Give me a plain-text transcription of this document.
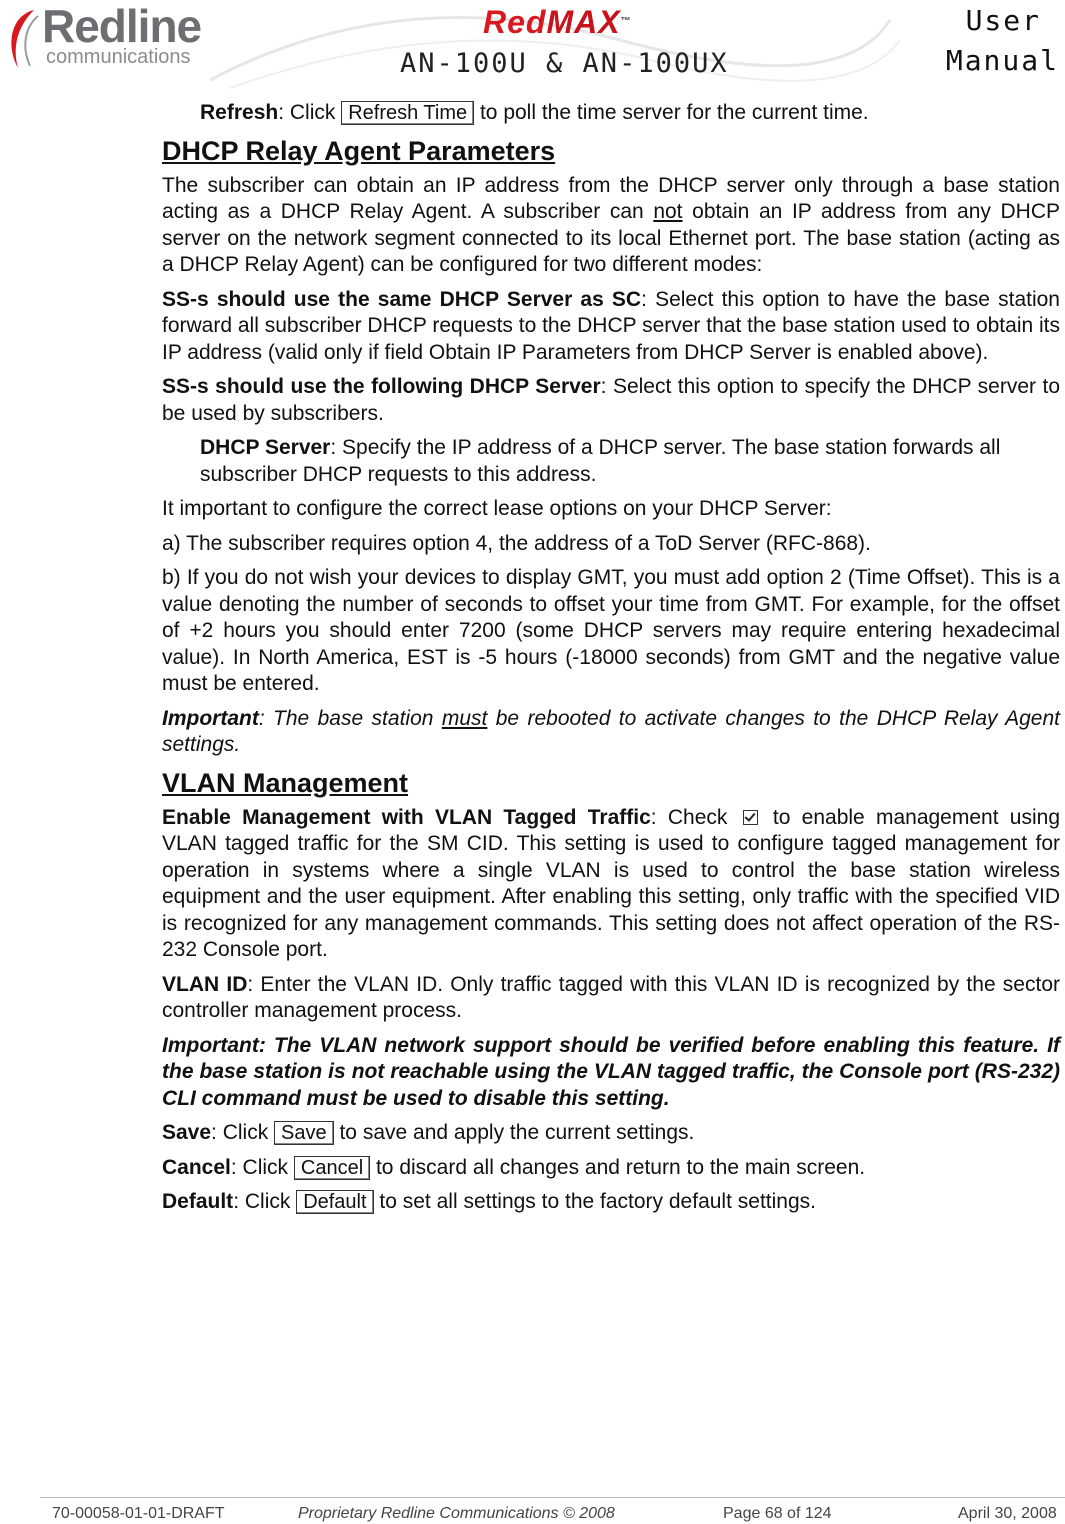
Redline
communications
RedMAX™
AN-100U & AN-100UX
User
Manual

Refresh: Click Refresh Time to poll the time server for the current time.

DHCP Relay Agent Parameters

The subscriber can obtain an IP address from the DHCP server only through a base station acting as a DHCP Relay Agent. A subscriber can not obtain an IP address from any DHCP server on the network segment connected to its local Ethernet port. The base station (acting as a DHCP Relay Agent) can be configured for two different modes:

SS-s should use the same DHCP Server as SC: Select this option to have the base station forward all subscriber DHCP requests to the DHCP server that the base station used to obtain its IP address (valid only if field Obtain IP Parameters from DHCP Server is enabled above).

SS-s should use the following DHCP Server: Select this option to specify the DHCP server to be used by subscribers.

DHCP Server: Specify the IP address of a DHCP server. The base station forwards all subscriber DHCP requests to this address.

It important to configure the correct lease options on your DHCP Server:

a) The subscriber requires option 4, the address of a ToD Server (RFC-868).

b) If you do not wish your devices to display GMT, you must add option 2 (Time Offset). This is a value denoting the number of seconds to offset your time from GMT. For example, for the offset of +2 hours you should enter 7200 (some DHCP servers may require entering hexadecimal value). In North America, EST is -5 hours (-18000 seconds) from GMT and the negative value must be entered.

Important: The base station must be rebooted to activate changes to the DHCP Relay Agent settings.

VLAN Management

Enable Management with VLAN Tagged Traffic: Check  to enable management using VLAN tagged traffic for the SM CID. This setting is used to configure tagged management for operation in systems where a single VLAN is used to control the base station wireless equipment and the user equipment. After enabling this setting, only traffic with the specified VID is recognized for any management commands. This setting does not affect operation of the RS-232 Console port.

VLAN ID: Enter the VLAN ID. Only traffic tagged with this VLAN ID is recognized by the sector controller management process.

Important: The VLAN network support should be verified before enabling this feature. If the base station is not reachable using the VLAN tagged traffic, the Console port (RS-232) CLI command must be used to disable this setting.

Save: Click Save to save and apply the current settings.

Cancel: Click Cancel to discard all changes and return to the main screen.

Default: Click Default to set all settings to the factory default settings.

70-00058-01-01-DRAFT	Proprietary Redline Communications © 2008	Page 68 of 124	April 30, 2008
